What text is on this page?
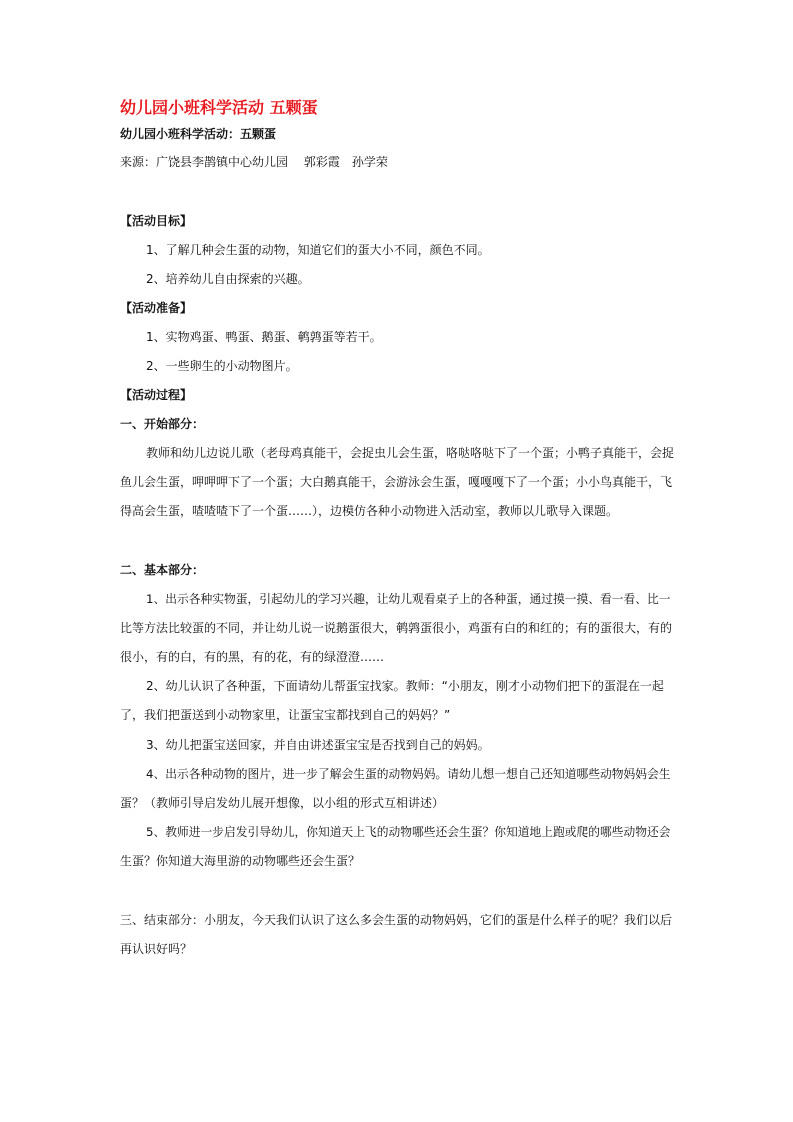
幼儿园小班科学活动 五颗蛋

幼儿园小班科学活动：五颗蛋

来源：广饶县李鹊镇中心幼儿园　 郭彩霞　孙学荣

【活动目标】

1、了解几种会生蛋的动物，知道它们的蛋大小不同，颜色不同。

2、培养幼儿自由探索的兴趣。

【活动准备】

1、实物鸡蛋、鸭蛋、鹅蛋、鹌鹑蛋等若干。

2、一些卵生的小动物图片。

【活动过程】

一、开始部分：

教师和幼儿边说儿歌（老母鸡真能干，会捉虫儿会生蛋，咯哒咯哒下了一个蛋；小鸭子真能干，会捉

鱼儿会生蛋，呷呷呷下了一个蛋；大白鹅真能干，会游泳会生蛋，嘎嘎嘎下了一个蛋；小小鸟真能干，飞

得高会生蛋，喳喳喳下了一个蛋……），边模仿各种小动物进入活动室，教师以儿歌导入课题。

二、基本部分：

1、出示各种实物蛋，引起幼儿的学习兴趣，让幼儿观看桌子上的各种蛋，通过摸一摸、看一看、比一

比等方法比较蛋的不同，并让幼儿说一说鹅蛋很大，鹌鹑蛋很小，鸡蛋有白的和红的；有的蛋很大，有的

很小，有的白，有的黑，有的花，有的绿澄澄……

2、幼儿认识了各种蛋，下面请幼儿帮蛋宝找家。教师：“小朋友，刚才小动物们把下的蛋混在一起

了，我们把蛋送到小动物家里，让蛋宝宝都找到自己的妈妈？”

3、幼儿把蛋宝送回家，并自由讲述蛋宝宝是否找到自己的妈妈。

4、出示各种动物的图片，进一步了解会生蛋的动物妈妈。请幼儿想一想自己还知道哪些动物妈妈会生

蛋？（教师引导启发幼儿展开想像，以小组的形式互相讲述）

5、教师进一步启发引导幼儿，你知道天上飞的动物哪些还会生蛋？你知道地上跑或爬的哪些动物还会

生蛋？你知道大海里游的动物哪些还会生蛋？

三、结束部分：小朋友，今天我们认识了这么多会生蛋的动物妈妈，它们的蛋是什么样子的呢？我们以后

再认识好吗？
